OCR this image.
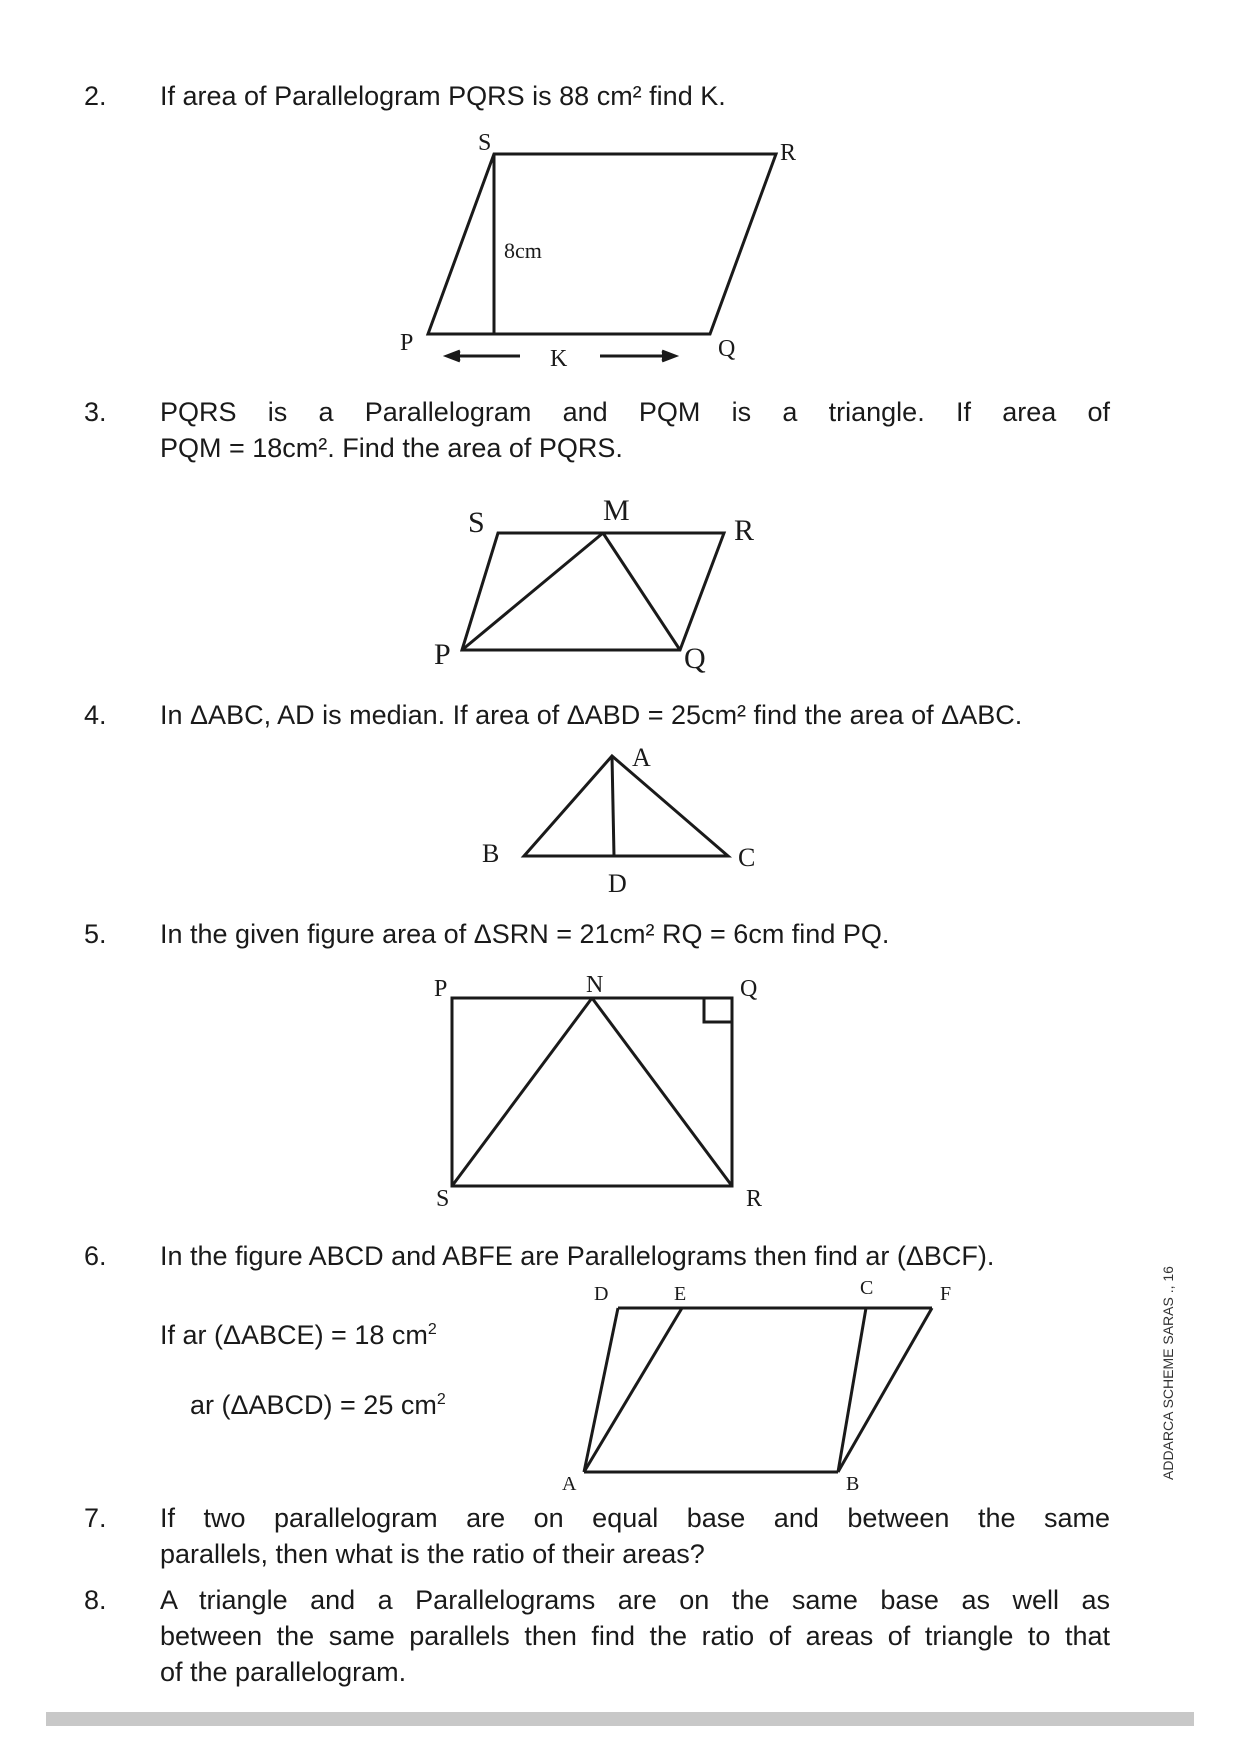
2. If area of Parallelogram PQRS is 88 cm² find K.
S	R
P	Q
8cm
K
3. PQRS is a Parallelogram and PQM is a triangle. If area of
PQM = 18cm². Find the area of PQRS.
S	M
R
P	Q
4. In ΔABC, AD is median. If area of ΔABD = 25cm² find the area of ΔABC.
A
B	C
D
5. In the given figure area of ΔSRN = 21cm² RQ = 6cm find PQ.
P	N	Q
S	R
6. In the figure ABCD and ABFE are Parallelograms then find ar (ΔBCF).
If ar (ΔABCE) = 18 $cm^2$
ar (ΔABCD) = 25 $cm^2$
D	E	C	F
A	B
7. If two parallelogram are on equal base and between the same
parallels, then what is the ratio of their areas?
8. A triangle and a Parallelograms are on the same base as well as
between the same parallels then find the ratio of areas of triangle to that
of the parallelogram.
ADDARCA SCHEME SARAS ., 16
